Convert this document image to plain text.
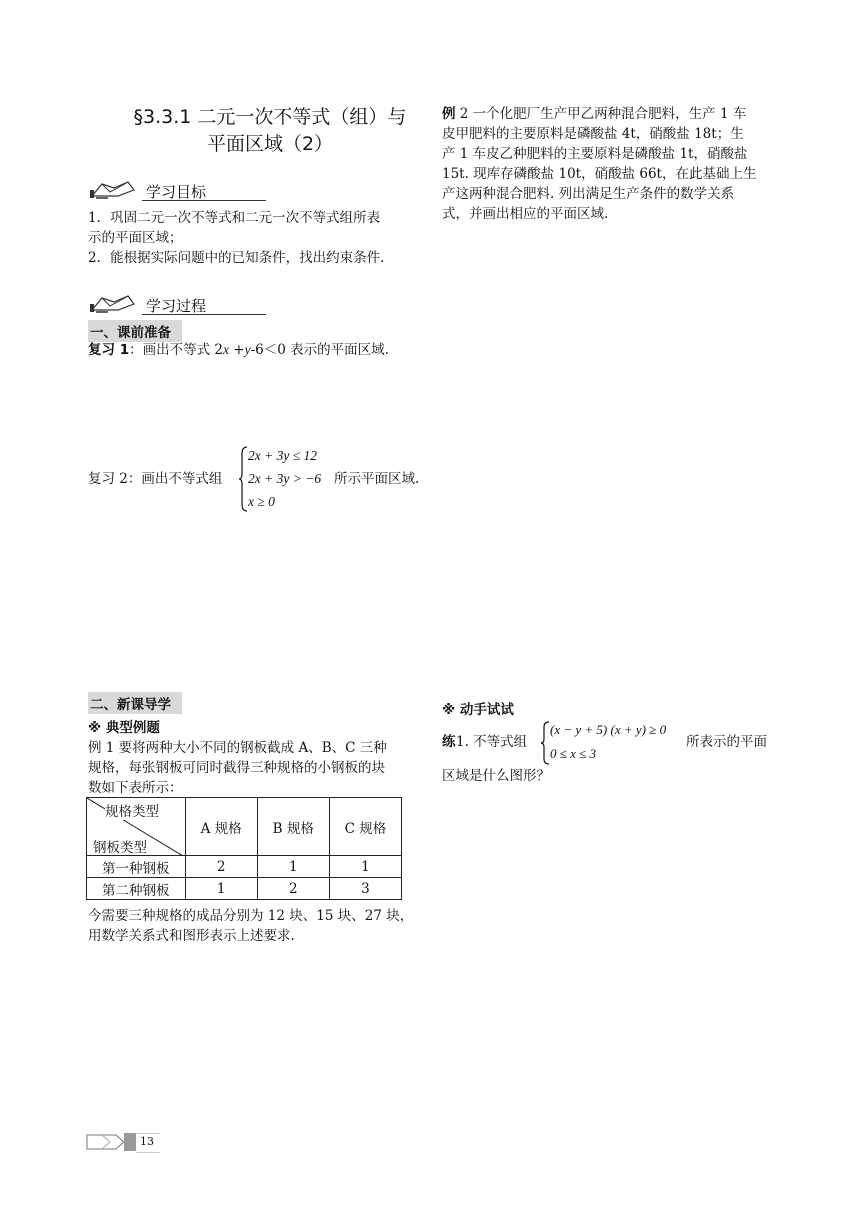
§3.3.1 二元一次不等式（组）与
平面区域（2）
学习目标
1．巩固二元一次不等式和二元一次不等式组所表
示的平面区域；
2．能根据实际问题中的已知条件，找出约束条件.
学习过程
一、课前准备
复习 1：画出不等式 2x +y-6＜0 表示的平面区域.
复习 2：画出不等式组
2x + 3y ≤ 12
2x + 3y > −6
x ≥ 0
所示平面区域.
二、新课导学
※ 典型例题
例 1 要将两种大小不同的钢板截成 A、B、C 三种
规格，每张钢板可同时截得三种规格的小钢板的块
数如下表所示：
规格类型
钢板类型	A 规格	B 规格	C 规格
第一种钢板	2	1	1
第二种钢板	1	2	3
今需要三种规格的成品分别为 12 块、15 块、27 块，
用数学关系式和图形表示上述要求.
例 2 一个化肥厂生产甲乙两种混合肥料，生产 1 车
皮甲肥料的主要原料是磷酸盐 4t，硝酸盐 18t；生
产 1 车皮乙种肥料的主要原料是磷酸盐 1t，硝酸盐
15t. 现库存磷酸盐 10t，硝酸盐 66t，在此基础上生
产这两种混合肥料. 列出满足生产条件的数学关系
式，并画出相应的平面区域.
※ 动手试试
练 1. 不等式组
(x − y + 5) (x + y) ≥ 0
0 ≤ x ≤ 3
所表示的平面
区域是什么图形？
13
